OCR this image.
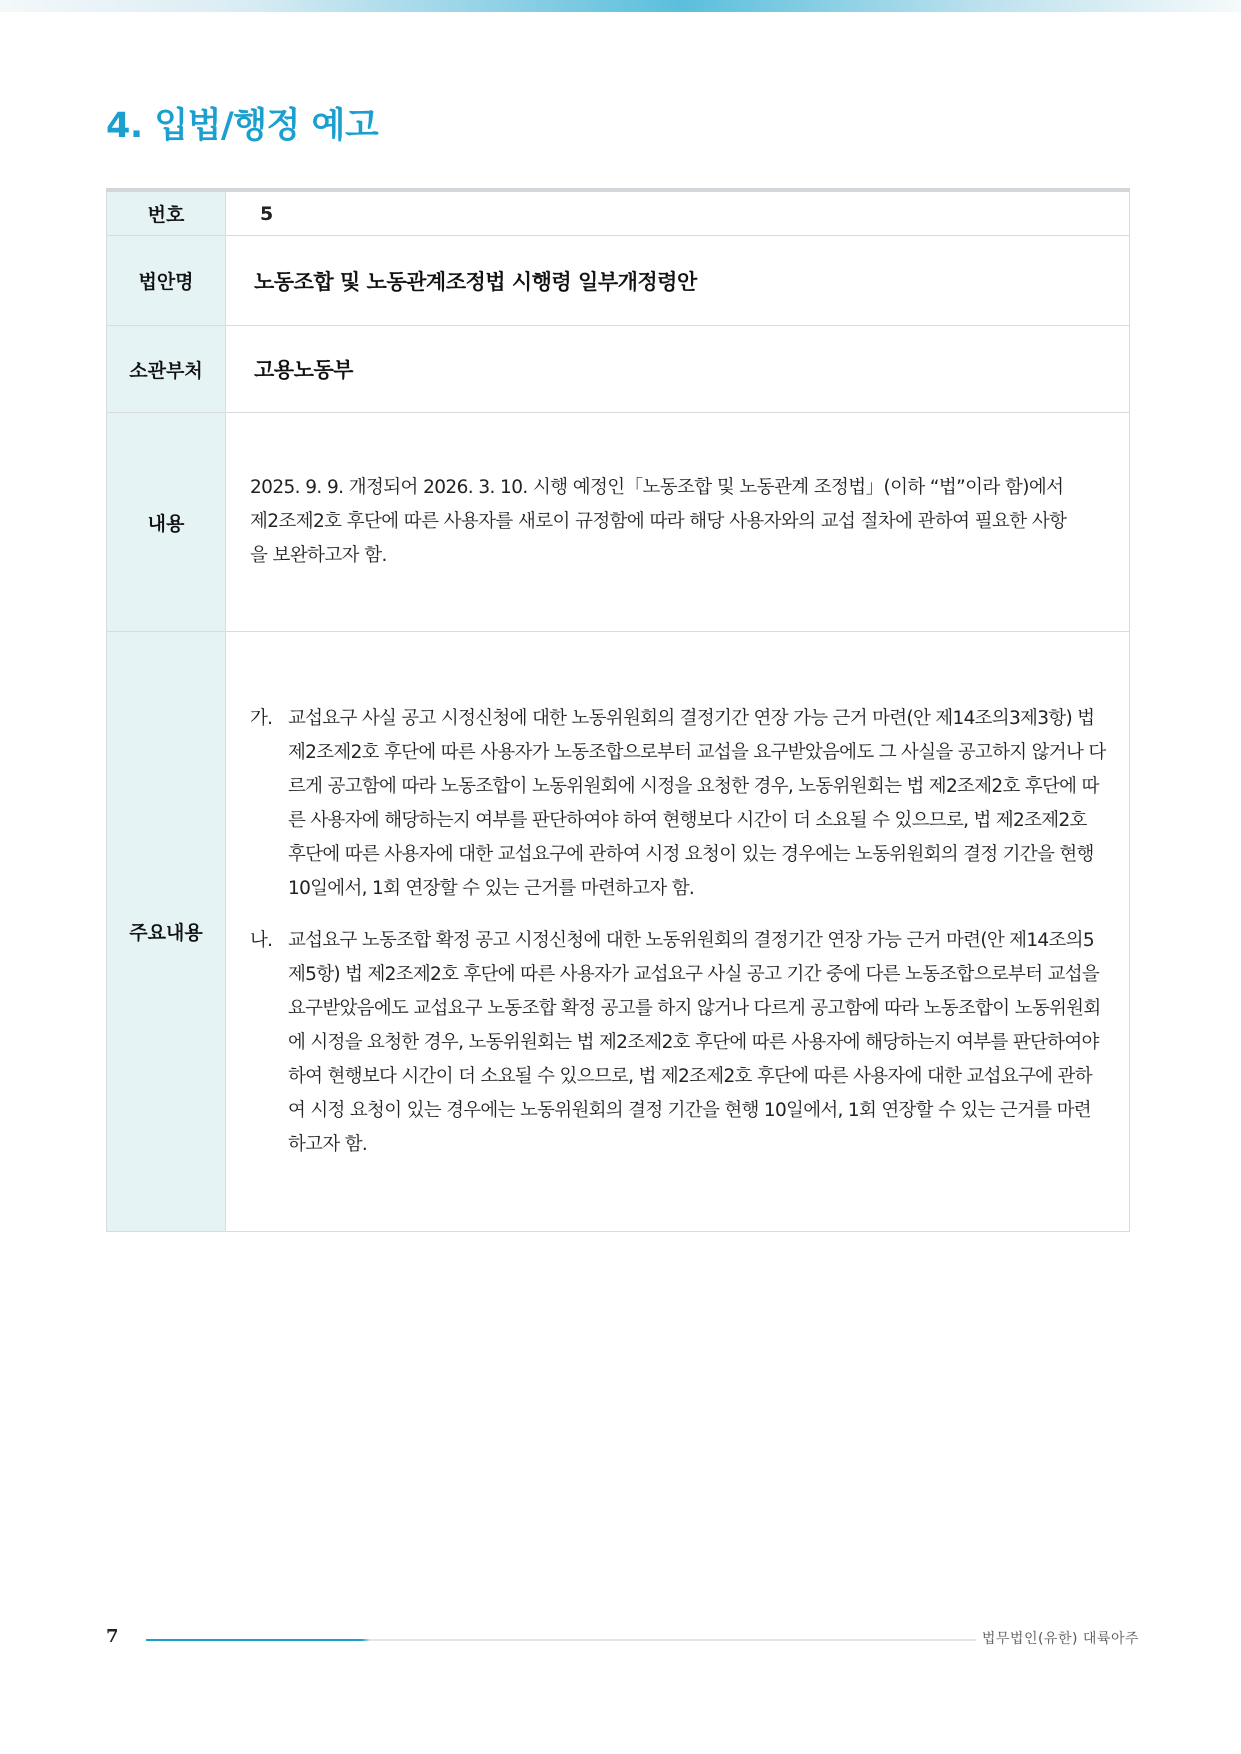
4. 입법/행정 예고
번호	5
법안명	노동조합 및 노동관계조정법 시행령 일부개정령안
소관부처	고용노동부
내용	2025. 9. 9. 개정되어 2026. 3. 10. 시행 예정인「노동조합 및 노동관계 조정법」(이하 “법”이라 함)에서 제2조제2호 후단에 따른 사용자를 새로이 규정함에 따라 해당 사용자와의 교섭 절차에 관하여 필요한 사항을 보완하고자 함.

주요내용	가. 교섭요구 사실 공고 시정신청에 대한 노동위원회의 결정기간 연장 가능 근거 마련(안 제14조의3제3항) 법 제2조제2호 후단에 따른 사용자가 노동조합으로부터 교섭을 요구받았음에도 그 사실을 공고하지 않거나 다르게 공고함에 따라 노동조합이 노동위원회에 시정을 요청한 경우, 노동위원회는 법 제2조제2호 후단에 따른 사용자에 해당하는지 여부를 판단하여야 하여 현행보다 시간이 더 소요될 수 있으므로, 법 제2조제2호 후단에 따른 사용자에 대한 교섭요구에 관하여 시정 요청이 있는 경우에는 노동위원회의 결정 기간을 현행 10일에서, 1회 연장할 수 있는 근거를 마련하고자 함.
나. 교섭요구 노동조합 확정 공고 시정신청에 대한 노동위원회의 결정기간 연장 가능 근거 마련(안 제14조의5제5항) 법 제2조제2호 후단에 따른 사용자가 교섭요구 사실 공고 기간 중에 다른 노동조합으로부터 교섭을 요구받았음에도 교섭요구 노동조합 확정 공고를 하지 않거나 다르게 공고함에 따라 노동조합이 노동위원회에 시정을 요청한 경우, 노동위원회는 법 제2조제2호 후단에 따른 사용자에 해당하는지 여부를 판단하여야 하여 현행보다 시간이 더 소요될 수 있으므로, 법 제2조제2호 후단에 따른 사용자에 대한 교섭요구에 관하여 시정 요청이 있는 경우에는 노동위원회의 결정 기간을 현행 10일에서, 1회 연장할 수 있는 근거를 마련하고자 함.
7	법무법인(유한) 대륙아주
